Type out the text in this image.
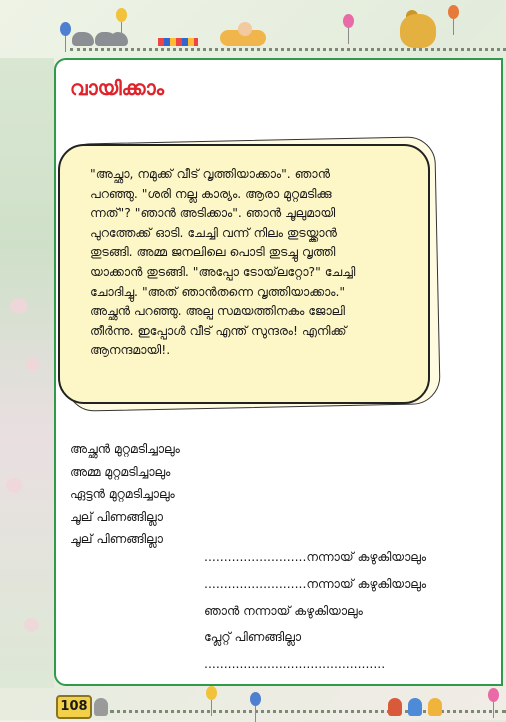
വായിക്കാം
"അച്ഛാ, നമുക്ക് വീട് വൃത്തിയാക്കാം". ഞാൻ
പറഞ്ഞു. "ശരി നല്ല കാര്യം. ആരാ മുറ്റമടിക്കു
ന്നത്"? "ഞാൻ അടിക്കാം". ഞാൻ ചൂലുമായി
പുറത്തേക്ക് ഓടി. ചേച്ചി വന്ന് നിലം തുടയ്ക്കാൻ
തുടങ്ങി. അമ്മ ജനലിലെ പൊടി തുടച്ചു വൃത്തി
യാക്കാൻ തുടങ്ങി. "അപ്പോ ടോയ്‌ലറ്റോ?" ചേച്ചി
ചോദിച്ചു. "അത് ഞാൻതന്നെ വൃത്തിയാക്കാം."
അച്ഛൻ പറഞ്ഞു. അല്പ സമയത്തിനകം ജോലി
തീർന്നു. ഇപ്പോൾ വീട് എന്ത് സുന്ദരം! എനിക്ക്
ആനന്ദമായി!.
അച്ഛൻ മുറ്റമടിച്ചാലും
അമ്മ മുറ്റമടിച്ചാലും
ഏട്ടൻ മുറ്റമടിച്ചാലും
ചൂല് പിണങ്ങില്ലാ
ചൂല് പിണങ്ങില്ലാ
..........................നന്നായ് കഴുകിയാലും
..........................നന്നായ് കഴുകിയാലും
ഞാൻ നന്നായ് കഴുകിയാലും
പ്ലേറ്റ് പിണങ്ങില്ലാ
..............................................
108
